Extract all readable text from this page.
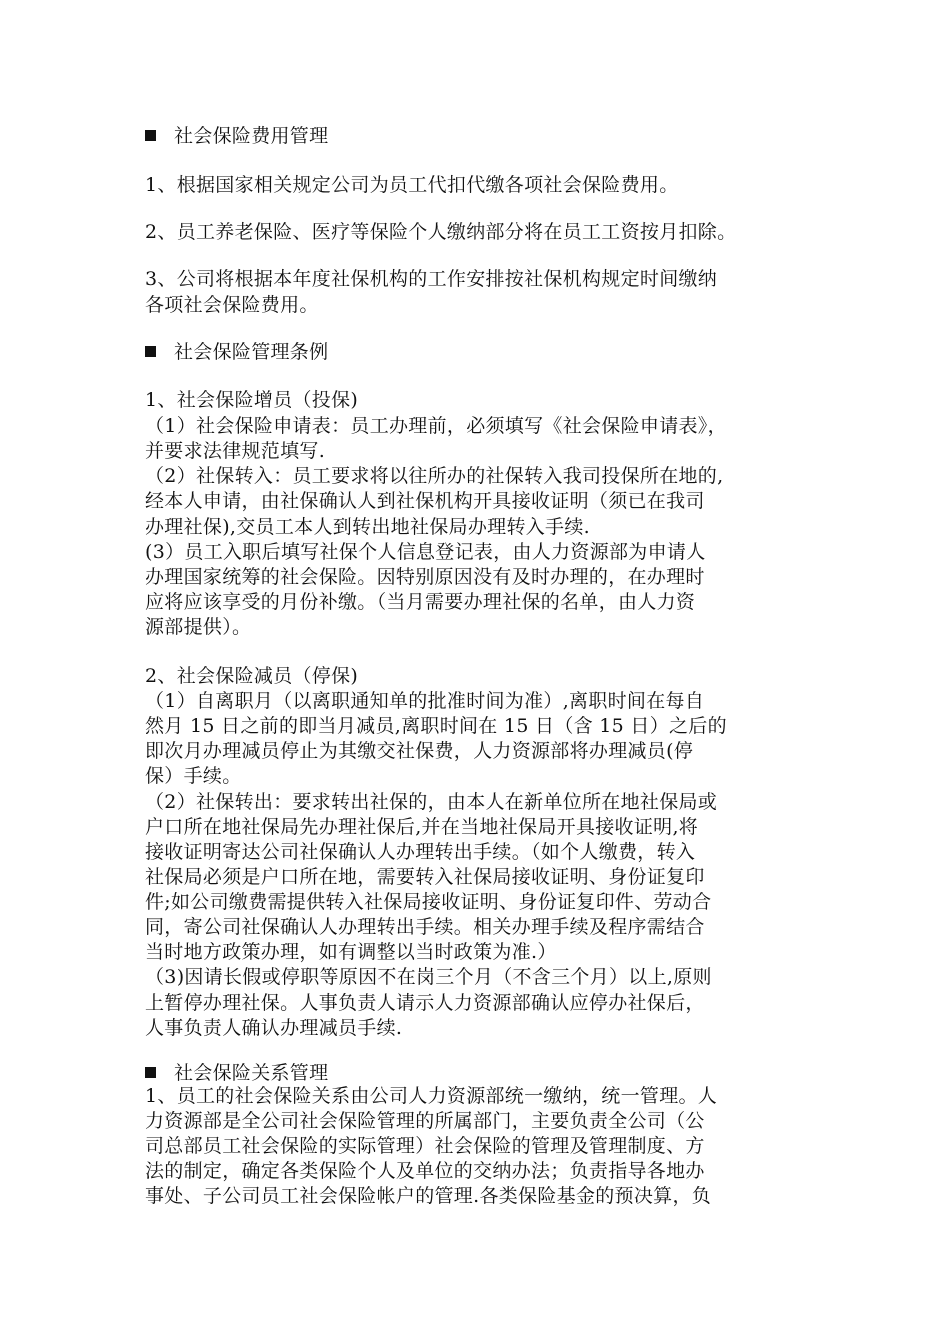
社会保险费用管理
1、根据国家相关规定公司为员工代扣代缴各项社会保险费用。
2、员工养老保险、医疗等保险个人缴纳部分将在员工工资按月扣除。
3、公司将根据本年度社保机构的工作安排按社保机构规定时间缴纳
各项社会保险费用。
社会保险管理条例
1、社会保险增员（投保)
（1）社会保险申请表：员工办理前，必须填写《社会保险申请表》，
并要求法律规范填写.
（2）社保转入：员工要求将以往所办的社保转入我司投保所在地的,
经本人申请，由社保确认人到社保机构开具接收证明（须已在我司
办理社保),交员工本人到转出地社保局办理转入手续.
(3）员工入职后填写社保个人信息登记表，由人力资源部为申请人
办理国家统筹的社会保险。因特别原因没有及时办理的，在办理时
应将应该享受的月份补缴。（当月需要办理社保的名单，由人力资
源部提供）。
2、社会保险减员（停保)
（1）自离职月（以离职通知单的批准时间为准）,离职时间在每自
然月 15 日之前的即当月减员,离职时间在 15 日（含 15 日）之后的
即次月办理减员停止为其缴交社保费，人力资源部将办理减员(停
保）手续。
（2）社保转出：要求转出社保的，由本人在新单位所在地社保局或
户口所在地社保局先办理社保后,并在当地社保局开具接收证明,将
接收证明寄达公司社保确认人办理转出手续。（如个人缴费，转入
社保局必须是户口所在地，需要转入社保局接收证明、身份证复印
件;如公司缴费需提供转入社保局接收证明、身份证复印件、劳动合
同，寄公司社保确认人办理转出手续。相关办理手续及程序需结合
当时地方政策办理，如有调整以当时政策为准.）
（3)因请长假或停职等原因不在岗三个月（不含三个月）以上,原则
上暂停办理社保。人事负责人请示人力资源部确认应停办社保后，
人事负责人确认办理减员手续.
社会保险关系管理
1、员工的社会保险关系由公司人力资源部统一缴纳，统一管理。人
力资源部是全公司社会保险管理的所属部门，主要负责全公司（公
司总部员工社会保险的实际管理）社会保险的管理及管理制度、方
法的制定，确定各类保险个人及单位的交纳办法；负责指导各地办
事处、子公司员工社会保险帐户的管理.各类保险基金的预决算，负
